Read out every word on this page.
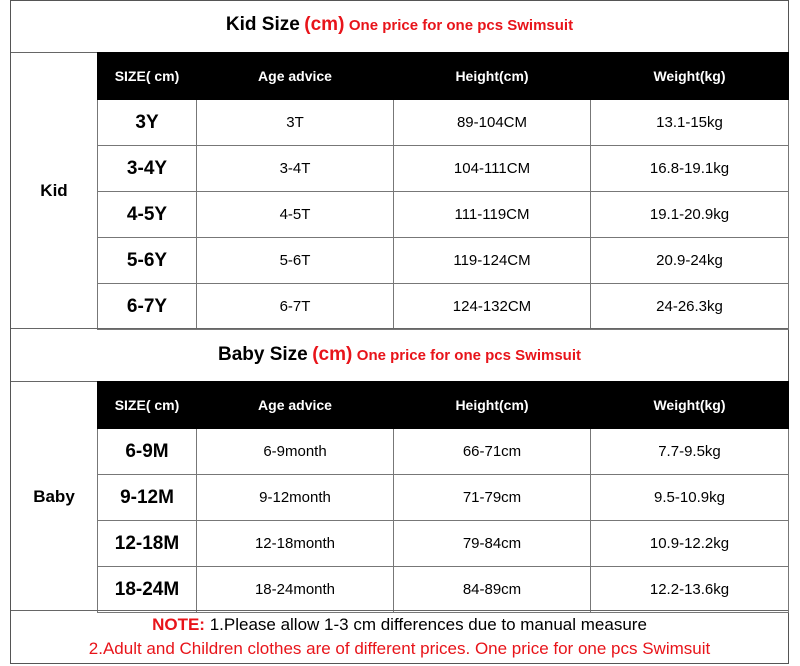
Kid Size (cm) One price for one pcs Swimsuit
Kid
SIZE( cm)	Age advice	Height(cm)	Weight(kg)
3Y	3T	89-104CM	13.1-15kg
3-4Y	3-4T	104-111CM	16.8-19.1kg
4-5Y	4-5T	111-119CM	19.1-20.9kg
5-6Y	5-6T	119-124CM	20.9-24kg
6-7Y	6-7T	124-132CM	24-26.3kg
Baby Size (cm) One price for one pcs Swimsuit
Baby
SIZE( cm)	Age advice	Height(cm)	Weight(kg)
6-9M	6-9month	66-71cm	7.7-9.5kg
9-12M	9-12month	71-79cm	9.5-10.9kg
12-18M	12-18month	79-84cm	10.9-12.2kg
18-24M	18-24month	84-89cm	12.2-13.6kg
NOTE: 1.Please allow 1-3 cm differences due to manual measure
2.Adult and Children clothes are of different prices. One price for one pcs Swimsuit
